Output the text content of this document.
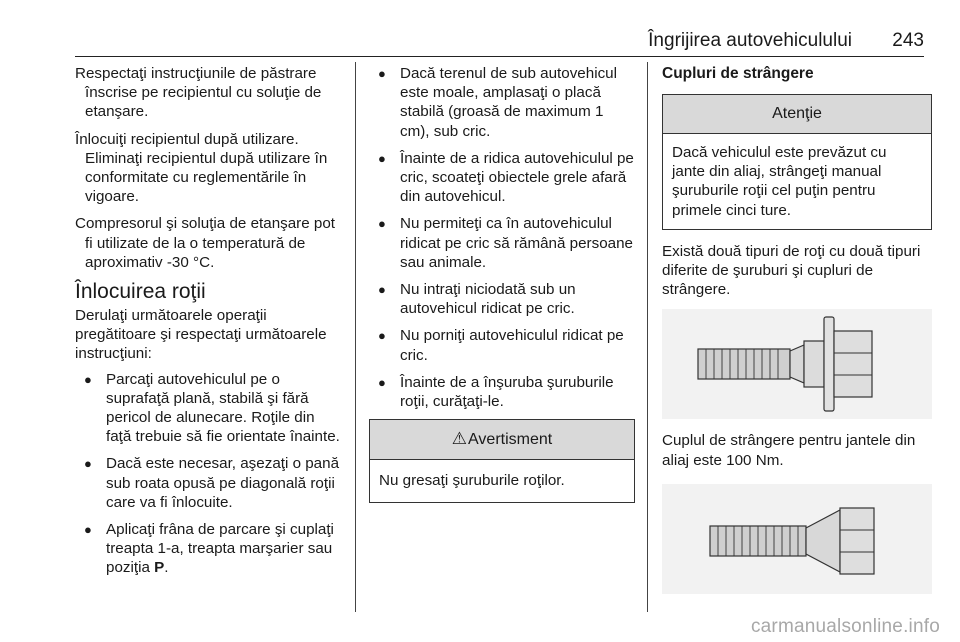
Îngrijirea autovehiculului 243

Respectaţi instrucţiunile de păstrare înscrise pe recipientul cu soluţie de etanşare.

Înlocuiţi recipientul după utilizare. Eliminaţi recipientul după utilizare în conformitate cu reglementările în vigoare.

Compresorul şi soluţia de etanşare pot fi utilizate de la o temperatură de aproximativ -30 °C.

Înlocuirea roţii

Derulaţi următoarele operaţii pregătitoare şi respectaţi următoarele instrucţiuni:

● Parcaţi autovehiculul pe o suprafaţă plană, stabilă şi fără pericol de alunecare. Roţile din faţă trebuie să fie orientate înainte.
● Dacă este necesar, aşezaţi o pană sub roata opusă pe diagonală roţii care va fi înlocuite.
● Aplicaţi frâna de parcare şi cuplaţi treapta 1-a, treapta marşarier sau poziţia P.
● Dacă terenul de sub autovehicul este moale, amplasaţi o placă stabilă (groasă de maximum 1 cm), sub cric.
● Înainte de a ridica autovehiculul pe cric, scoateţi obiectele grele afară din autovehicul.
● Nu permiteţi ca în autovehiculul ridicat pe cric să rămână persoane sau animale.
● Nu intraţi niciodată sub un autovehicul ridicat pe cric.
● Nu porniţi autovehiculul ridicat pe cric.
● Înainte de a înşuruba şuruburile roţii, curăţaţi-le.
⚠Avertisment
Nu gresaţi şuruburile roţilor.
Cupluri de strângere
Atenţie
Dacă vehiculul este prevăzut cu jante din aliaj, strângeţi manual şuruburile roţii cel puţin pentru primele cinci ture.

Există două tipuri de roţi cu două tipuri diferite de şuruburi şi cupluri de strângere.

Cuplul de strângere pentru jantele din aliaj este 100 Nm.

carmanualsonline.info
